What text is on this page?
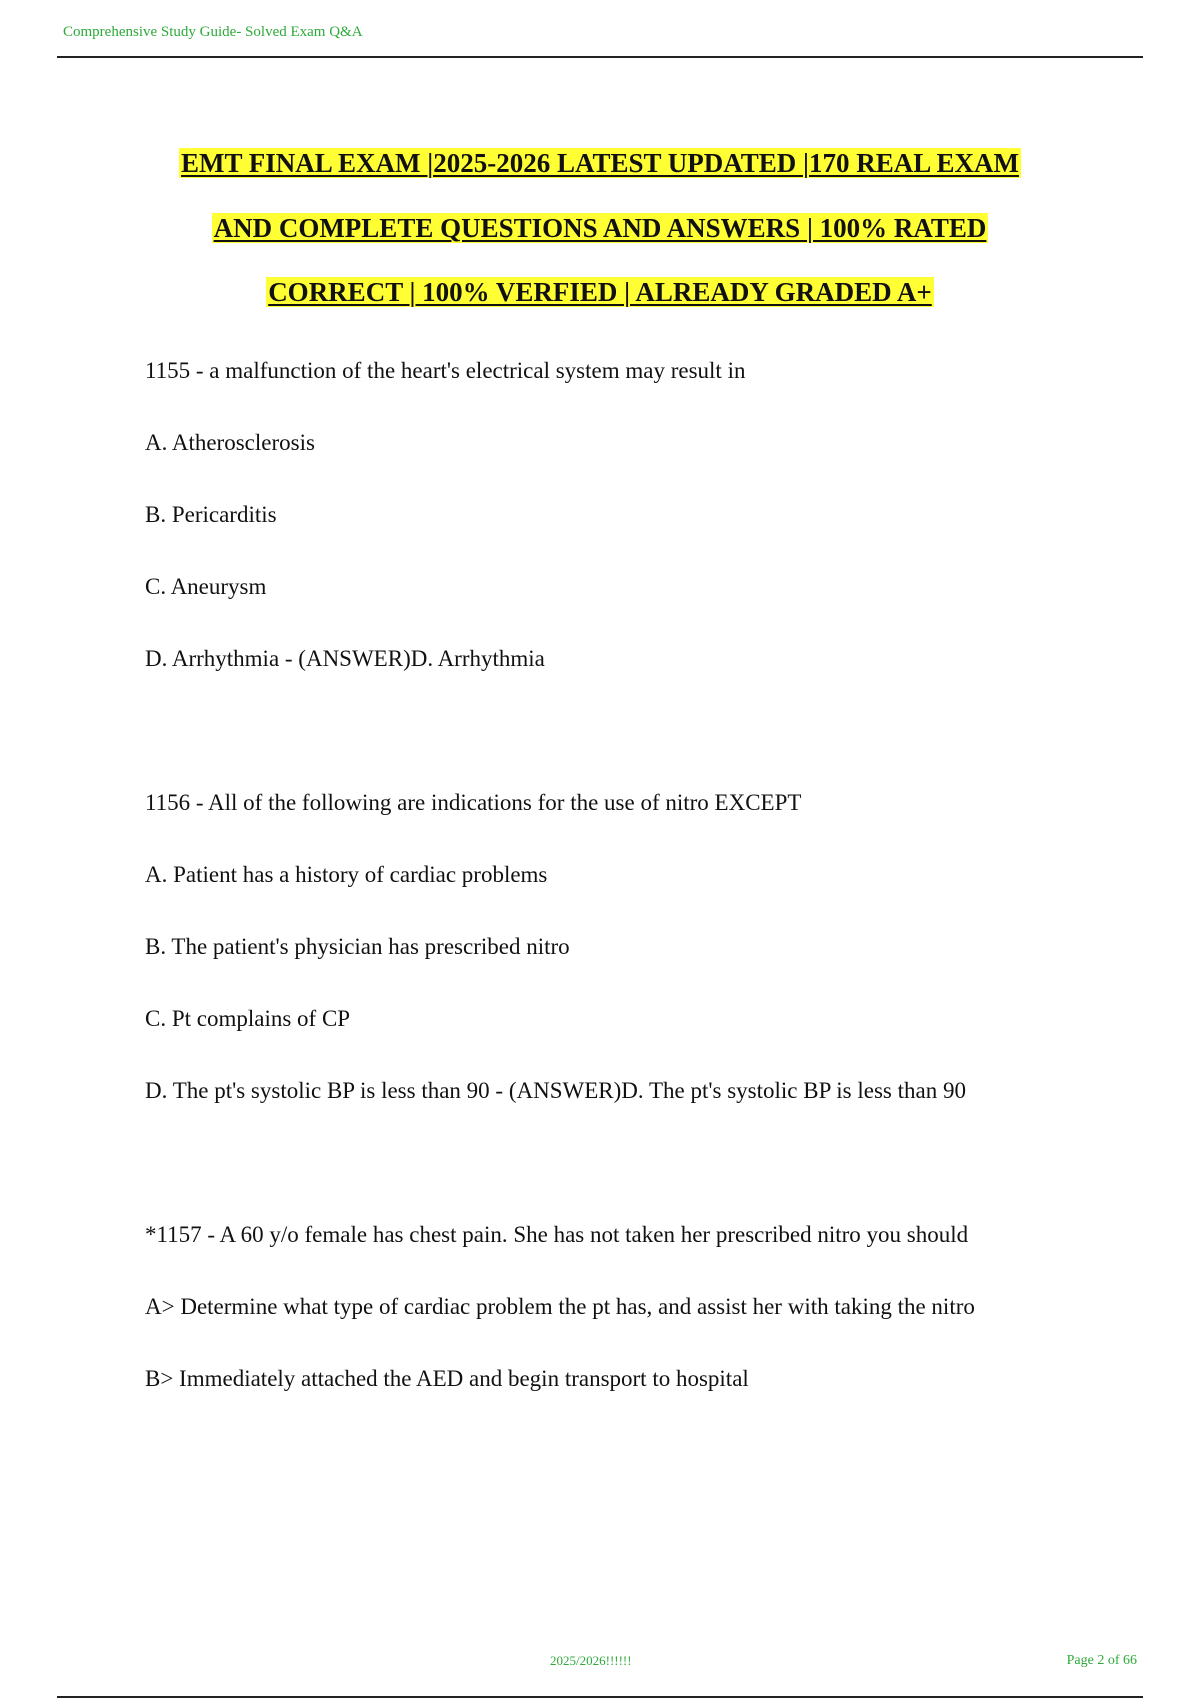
Comprehensive Study Guide- Solved Exam Q&A
EMT FINAL EXAM |2025-2026 LATEST UPDATED |170 REAL EXAM
AND COMPLETE QUESTIONS AND ANSWERS | 100% RATED
CORRECT | 100% VERFIED | ALREADY GRADED A+
1155 - a malfunction of the heart's electrical system may result in
A. Atherosclerosis
B. Pericarditis
C. Aneurysm
D. Arrhythmia - (ANSWER)D. Arrhythmia
1156 - All of the following are indications for the use of nitro EXCEPT
A. Patient has a history of cardiac problems
B. The patient's physician has prescribed nitro
C. Pt complains of CP
D. The pt's systolic BP is less than 90 - (ANSWER)D. The pt's systolic BP is less than 90
*1157 - A 60 y/o female has chest pain. She has not taken her prescribed nitro you should
A> Determine what type of cardiac problem the pt has, and assist her with taking the nitro
B> Immediately attached the AED and begin transport to hospital
2025/2026!!!!!!	Page 2 of 66
